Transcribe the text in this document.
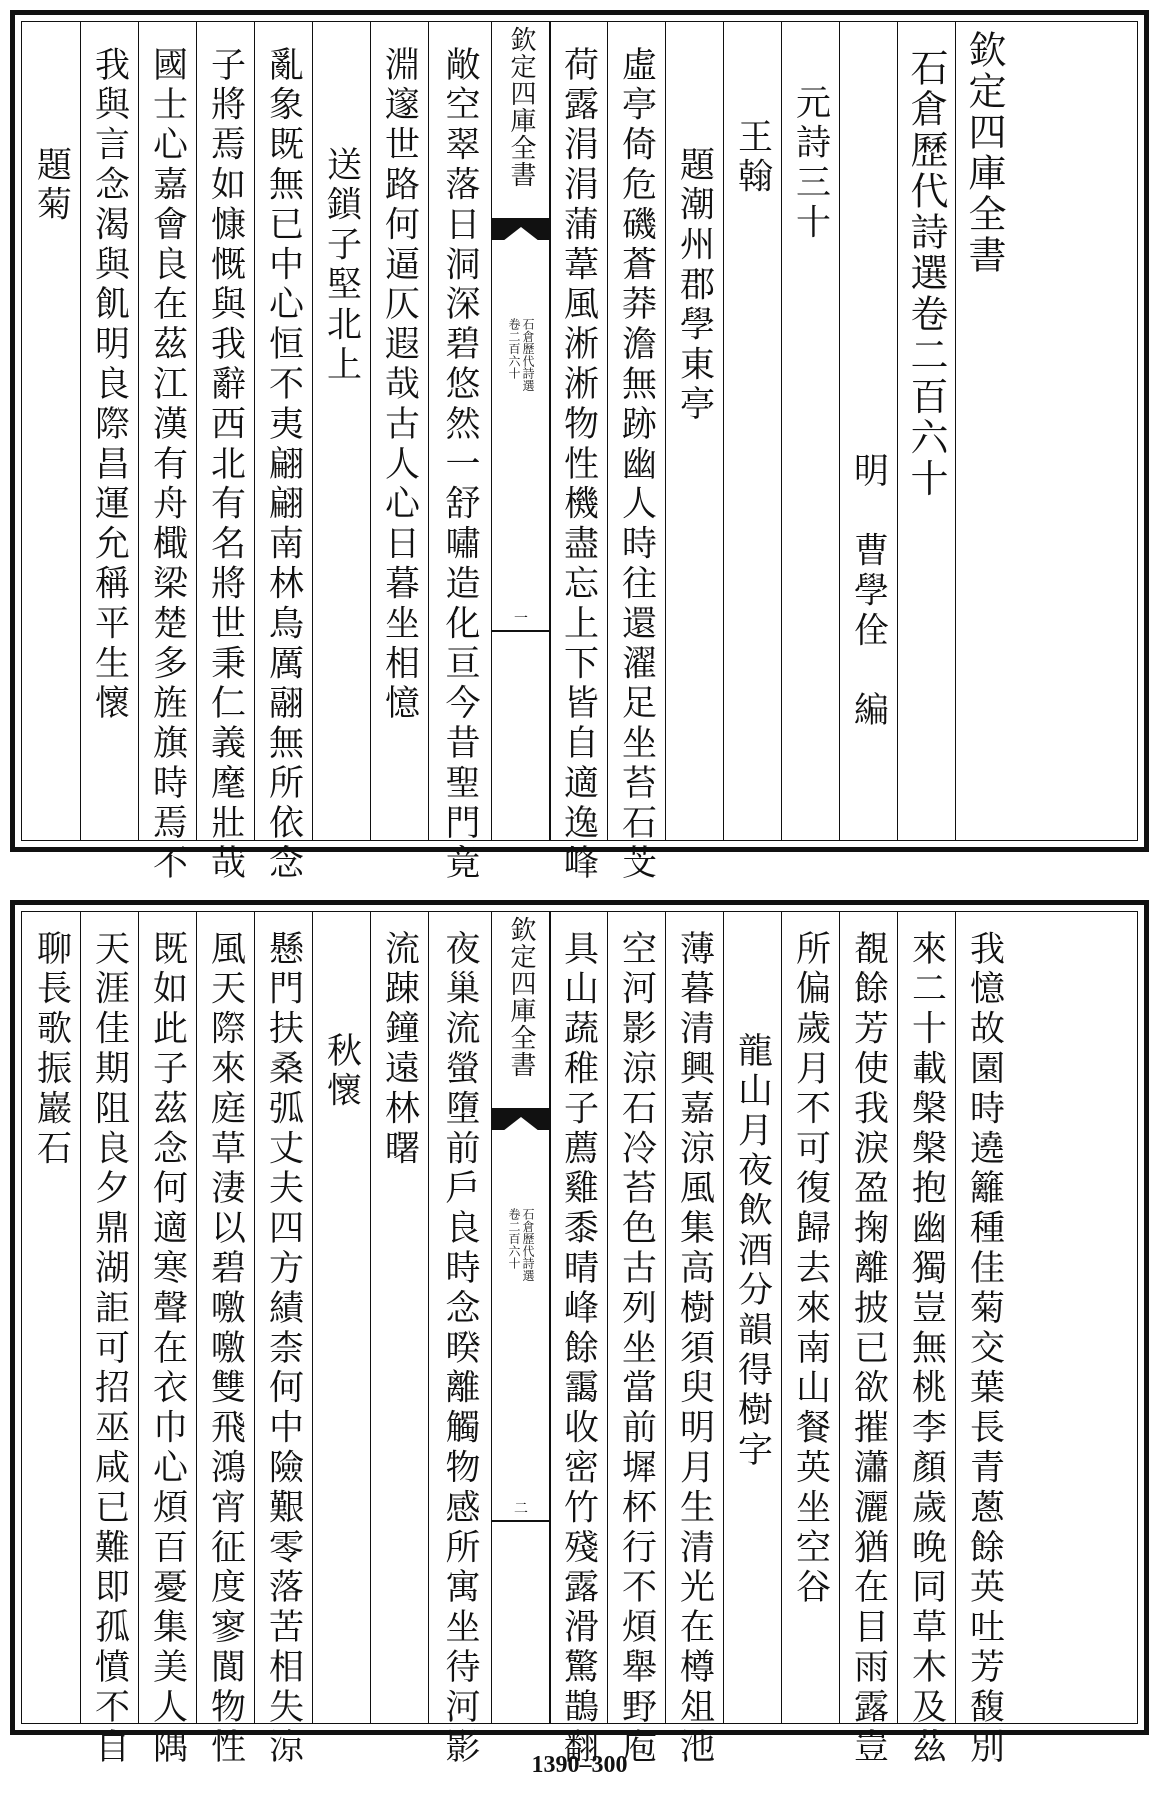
欽定四庫全書
石倉歷代詩選卷二百六十
明　曹學佺　編
元詩三十
王翰
題潮州郡學東亭
虛亭倚危磯蒼莽澹無跡幽人時往還濯足坐苔石芠
荷露涓涓蒲葦風淅淅物性機盡忘上下皆自適逸峰
欽定四庫全書
石倉歷代詩選
卷二百六十
一
敞空翠落日洞深碧悠然一舒嘯造化亘今昔聖門竟
淵邃世路何逼仄遐哉古人心日暮坐相憶
送鎖子堅北上
亂象既無已中心恒不夷翩翩南林鳥厲翮無所依念
子將焉如慷慨與我辭西北有名將世秉仁義麾壯哉
國士心嘉會良在茲江漢有舟檝梁楚多旌旗時焉不
我與言念渴與飢明良際昌運允稱平生懷
題菊
我憶故園時遶籬種佳菊交葉長青蔥餘英吐芳馥別
來二十載槃槃抱幽獨豈無桃李顏歲晚同草木及茲
覩餘芳使我淚盈掬離披已欲摧瀟灑猶在目雨露豈
所偏歲月不可復歸去來南山餐英坐空谷
龍山月夜飲酒分韻得樹字
薄暮清興嘉涼風集高樹須臾明月生清光在樽俎池
空河影涼石冷苔色古列坐當前墀杯行不煩舉野庖
具山蔬稚子薦雞黍晴峰餘靄收密竹殘露滑驚鵲翻
欽定四庫全書
石倉歷代詩選
卷二百六十
二
夜巢流螢墮前戶良時念暌離觸物感所寓坐待河影
流踈鐘遠林曙
秋懷
懸門扶桑弧丈夫四方績柰何中險艱零落苦相失涼
風天際來庭草淒以碧噭噭雙飛鴻宵征度寥閬物性
既如此子茲念何適寒聲在衣巾心煩百憂集美人隅
天涯佳期阻良夕鼎湖詎可招巫咸已難即孤憤不自
聊長歌振巖石
1390–300
